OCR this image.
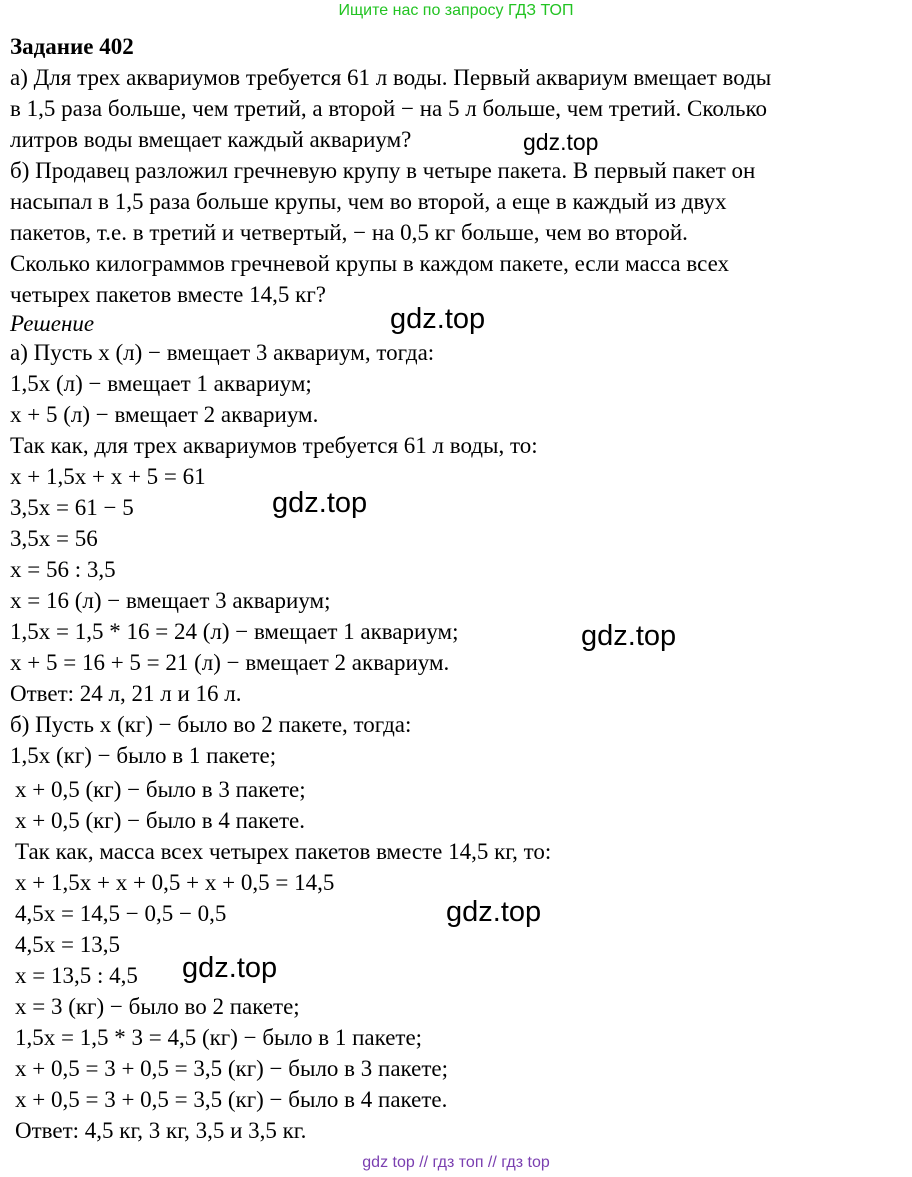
Ищите нас по запросу ГДЗ ТОП
Задание 402
а) Для трех аквариумов требуется 61 л воды. Первый аквариум вмещает воды
в 1,5 раза больше, чем третий, а второй − на 5 л больше, чем третий. Сколько
литров воды вмещает каждый аквариум?
б) Продавец разложил гречневую крупу в четыре пакета. В первый пакет он
насыпал в 1,5 раза больше крупы, чем во второй, а еще в каждый из двух
пакетов, т.е. в третий и четвертый, − на 0,5 кг больше, чем во второй.
Сколько килограммов гречневой крупы в каждом пакете, если масса всех
четырех пакетов вместе 14,5 кг?
Решение
а) Пусть x (л) − вмещает 3 аквариум, тогда:
1,5x (л) − вмещает 1 аквариум;
x + 5 (л) − вмещает 2 аквариум.
Так как, для трех аквариумов требуется 61 л воды, то:
x + 1,5x + x + 5 = 61
3,5x = 61 − 5
3,5x = 56
x = 56 : 3,5
x = 16 (л) − вмещает 3 аквариум;
1,5x = 1,5 * 16 = 24 (л) − вмещает 1 аквариум;
x + 5 = 16 + 5 = 21 (л) − вмещает 2 аквариум.
Ответ: 24 л, 21 л и 16 л.
б) Пусть x (кг) − было во 2 пакете, тогда:
1,5x (кг) − было в 1 пакете;
x + 0,5 (кг) − было в 3 пакете;
x + 0,5 (кг) − было в 4 пакете.
Так как, масса всех четырех пакетов вместе 14,5 кг, то:
x + 1,5x + x + 0,5 + x + 0,5 = 14,5
4,5x = 14,5 − 0,5 − 0,5
4,5x = 13,5
x = 13,5 : 4,5
x = 3 (кг) − было во 2 пакете;
1,5x = 1,5 * 3 = 4,5 (кг) − было в 1 пакете;
x + 0,5 = 3 + 0,5 = 3,5 (кг) − было в 3 пакете;
x + 0,5 = 3 + 0,5 = 3,5 (кг) − было в 4 пакете.
Ответ: 4,5 кг, 3 кг, 3,5 и 3,5 кг.
gdz.top
gdz.top
gdz.top
gdz.top
gdz.top
gdz.top
gdz top // гдз топ // гдз top
